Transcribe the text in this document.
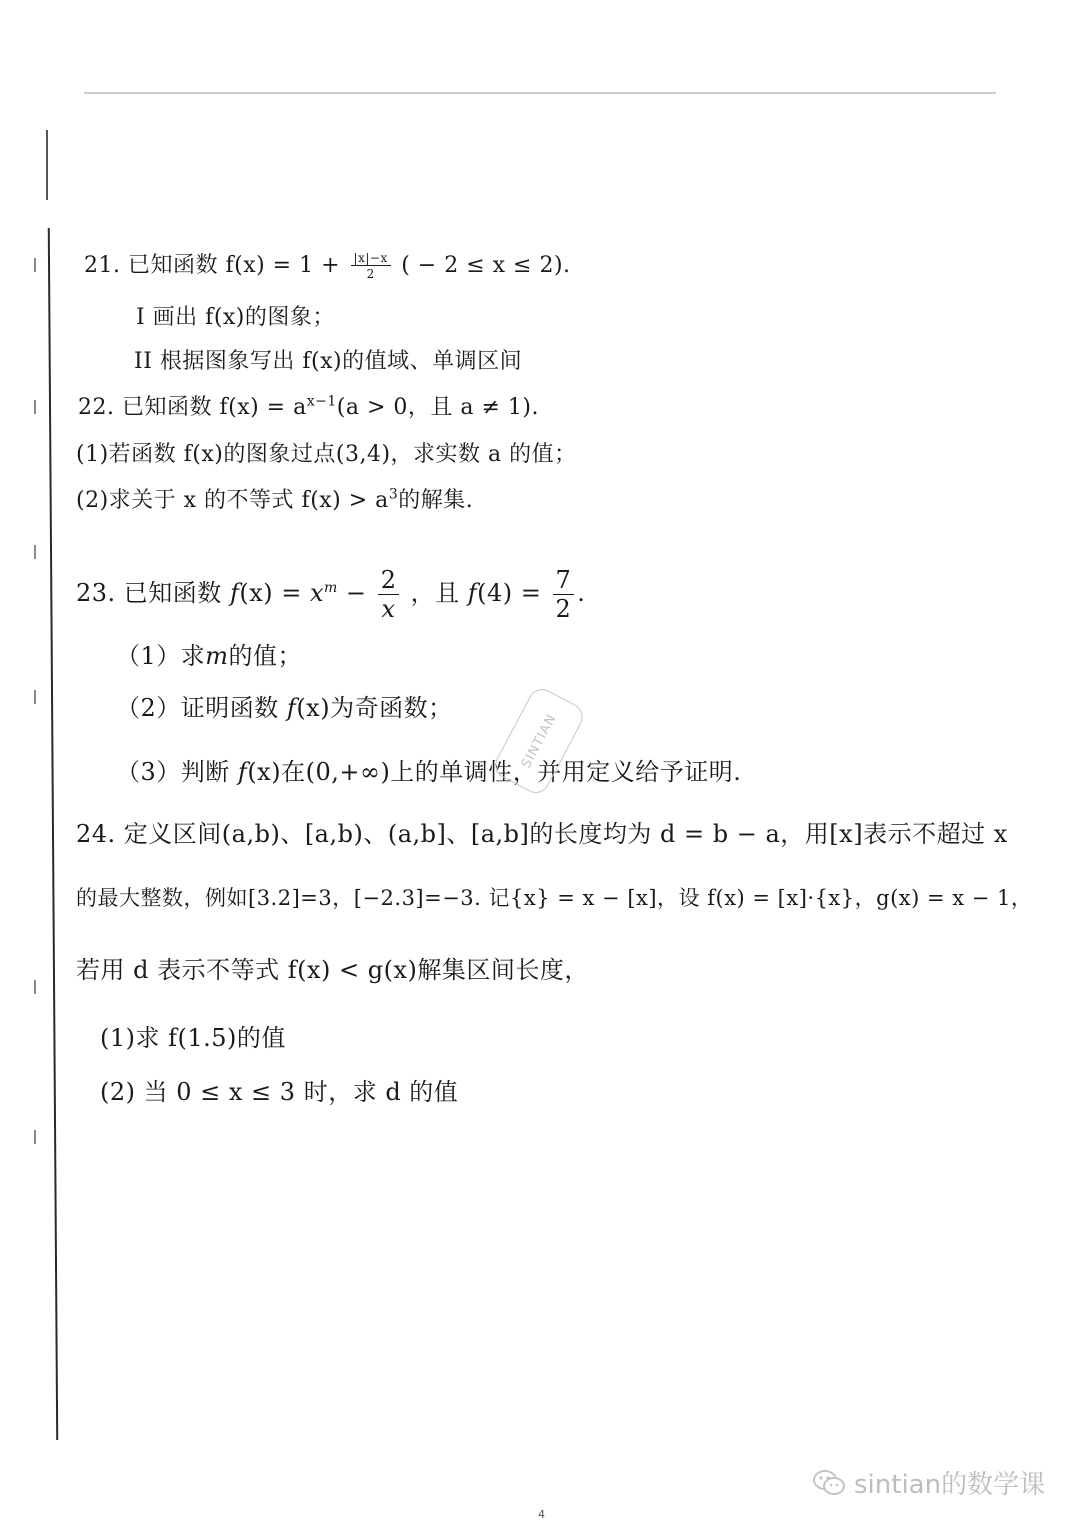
21. 已知函数 $f(x) = 1 + \frac{|x|-x}{2}$ ( − 2 ≤ x ≤ 2).
I 画出 f(x)的图象；
II 根据图象写出 f(x)的值域、单调区间
22. 已知函数 $f(x) = a^{x-1}(a > 0$，且 a ≠ 1).
(1)若函数 f(x)的图象过点(3,4)，求实数 a 的值；
(2)求关于 x 的不等式 $f(x) > a^3$的解集.
23. 已知函数 $f(x) = x^m - \frac{2}{x}$ ，且 $f(4) = \frac{7}{2}$ .
（1）求m的值；
（2）证明函数 f(x)为奇函数；
（3）判断 f(x)在(0,+∞)上的单调性，并用定义给予证明.
SINTIAN
24. 定义区间(a,b)、[a,b)、(a,b]、[a,b]的长度均为 d = b − a，用[x]表示不超过 x
的最大整数，例如[3.2]=3，[−2.3]=−3. 记{x} = x − [x]，设 f(x) = [x]·{x}，g(x) = x − 1，
若用 d 表示不等式 f(x) < g(x)解集区间长度，
(1)求 f(1.5)的值
(2) 当 0 ≤ x ≤ 3 时，求 d 的值
sintian的数学课
4
